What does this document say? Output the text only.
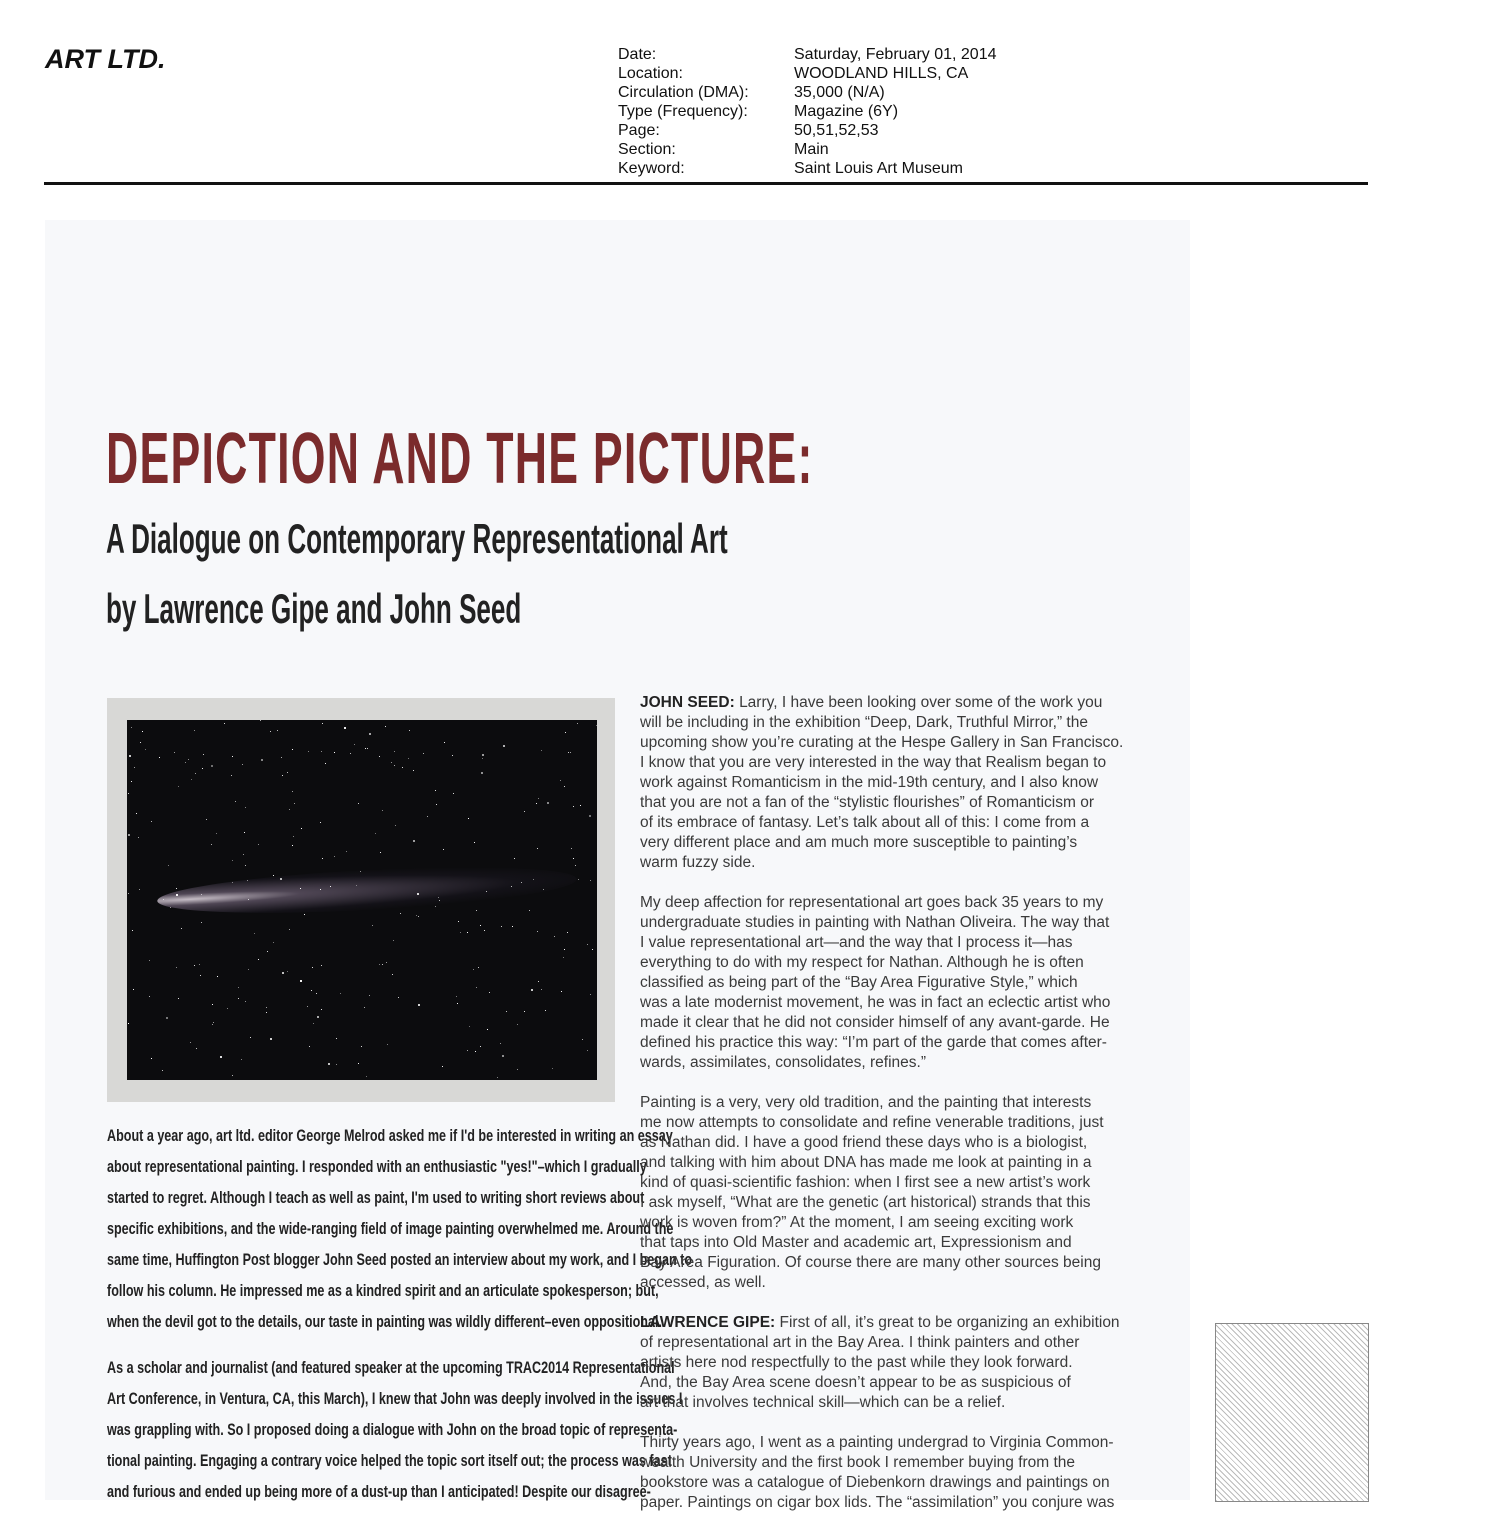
ART LTD.	Date:	Saturday, February 01, 2014
Location:	WOODLAND HILLS, CA
Circulation (DMA):	35,000 (N/A)
Type (Frequency):	Magazine (6Y)
Page:	50,51,52,53
Section:	Main
Keyword:	Saint Louis Art Museum
DEPICTION AND THE PICTURE:
A Dialogue on Contemporary Representational Art
by Lawrence Gipe and John Seed
About a year ago, art ltd. editor George Melrod asked me if I'd be interested in writing an essay
about representational painting. I responded with an enthusiastic "yes!"–which I gradually
started to regret. Although I teach as well as paint, I'm used to writing short reviews about
specific exhibitions, and the wide-ranging field of image painting overwhelmed me. Around the
same time, Huffington Post blogger John Seed posted an interview about my work, and I began to
follow his column. He impressed me as a kindred spirit and an articulate spokesperson; but,
when the devil got to the details, our taste in painting was wildly different–even oppositional.
As a scholar and journalist (and featured speaker at the upcoming TRAC2014 Representational
Art Conference, in Ventura, CA, this March), I knew that John was deeply involved in the issues I
was grappling with. So I proposed doing a dialogue with John on the broad topic of representa-
tional painting. Engaging a contrary voice helped the topic sort itself out; the process was fast
and furious and ended up being more of a dust-up than I anticipated! Despite our disagree-
JOHN SEED: Larry, I have been looking over some of the work you
will be including in the exhibition “Deep, Dark, Truthful Mirror,” the
upcoming show you’re curating at the Hespe Gallery in San Francisco.
I know that you are very interested in the way that Realism began to
work against Romanticism in the mid-19th century, and I also know
that you are not a fan of the “stylistic flourishes” of Romanticism or
of its embrace of fantasy. Let’s talk about all of this: I come from a
very different place and am much more susceptible to painting’s
warm fuzzy side.
My deep affection for representational art goes back 35 years to my
undergraduate studies in painting with Nathan Oliveira. The way that
I value representational art—and the way that I process it—has
everything to do with my respect for Nathan. Although he is often
classified as being part of the “Bay Area Figurative Style,” which
was a late modernist movement, he was in fact an eclectic artist who
made it clear that he did not consider himself of any avant-garde. He
defined his practice this way: “I’m part of the garde that comes after-
wards, assimilates, consolidates, refines.”
Painting is a very, very old tradition, and the painting that interests
me now attempts to consolidate and refine venerable traditions, just
as Nathan did. I have a good friend these days who is a biologist,
and talking with him about DNA has made me look at painting in a
kind of quasi-scientific fashion: when I first see a new artist’s work
I ask myself, “What are the genetic (art historical) strands that this
work is woven from?” At the moment, I am seeing exciting work
that taps into Old Master and academic art, Expressionism and
Bay Area Figuration. Of course there are many other sources being
accessed, as well.
LAWRENCE GIPE: First of all, it’s great to be organizing an exhibition
of representational art in the Bay Area. I think painters and other
artists here nod respectfully to the past while they look forward.
And, the Bay Area scene doesn’t appear to be as suspicious of
art that involves technical skill—which can be a relief.
Thirty years ago, I went as a painting undergrad to Virginia Common-
wealth University and the first book I remember buying from the
bookstore was a catalogue of Diebenkorn drawings and paintings on
paper. Paintings on cigar box lids. The “assimilation” you conjure was
